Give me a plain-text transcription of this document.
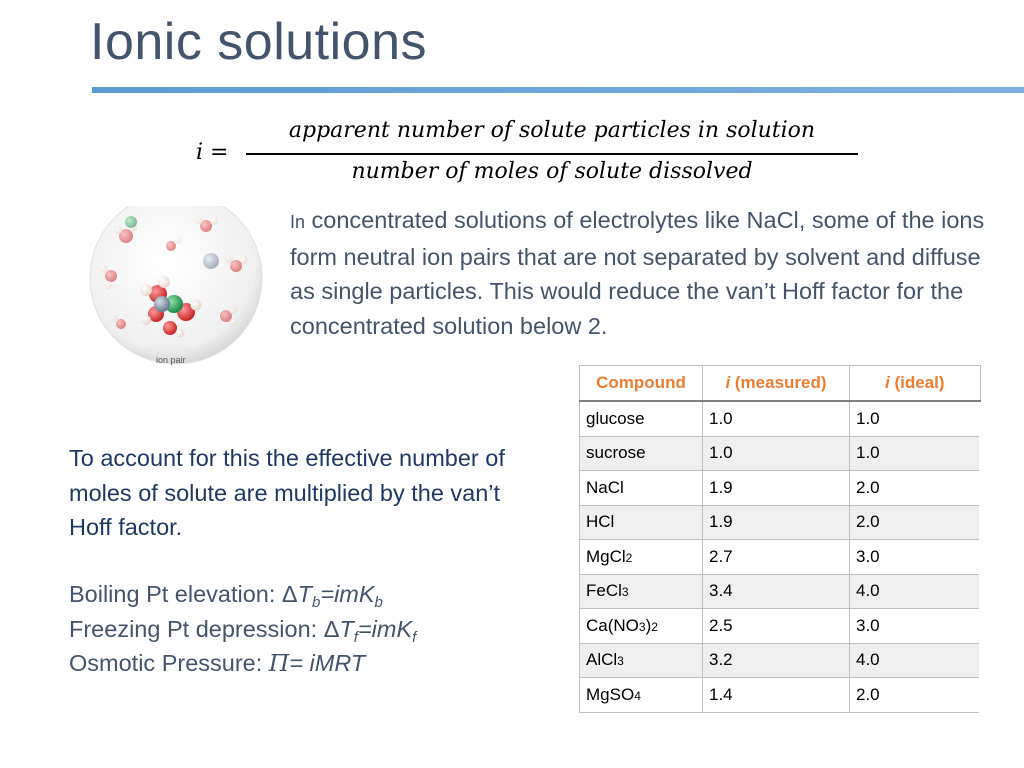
Ionic solutions
i =
apparent number of solute particles in solution
number of moles of solute dissolved
ion pair

In concentrated solutions of electrolytes like NaCl, some of the ions form neutral ion pairs that are not separated by solvent and diffuse as single particles. This would reduce the van’t Hoff factor for the concentrated solution below 2.

To account for this the effective number of moles of solute are multiplied by the van’t Hoff factor.

Boiling Pt elevation: $\Delta T_b=imK_b$
Freezing Pt depression: $\Delta T_f=imK_f$
Osmotic Pressure: Π= iMRT
Compound	i (measured)	i (ideal)
glucose	1.0	1.0
sucrose	1.0	1.0
NaCl	1.9	2.0
HCl	1.9	2.0
MgCl2	2.7	3.0
FeCl3	3.4	4.0
Ca(NO3)2	2.5	3.0
AlCl3	3.2	4.0
MgSO4	1.4	2.0
